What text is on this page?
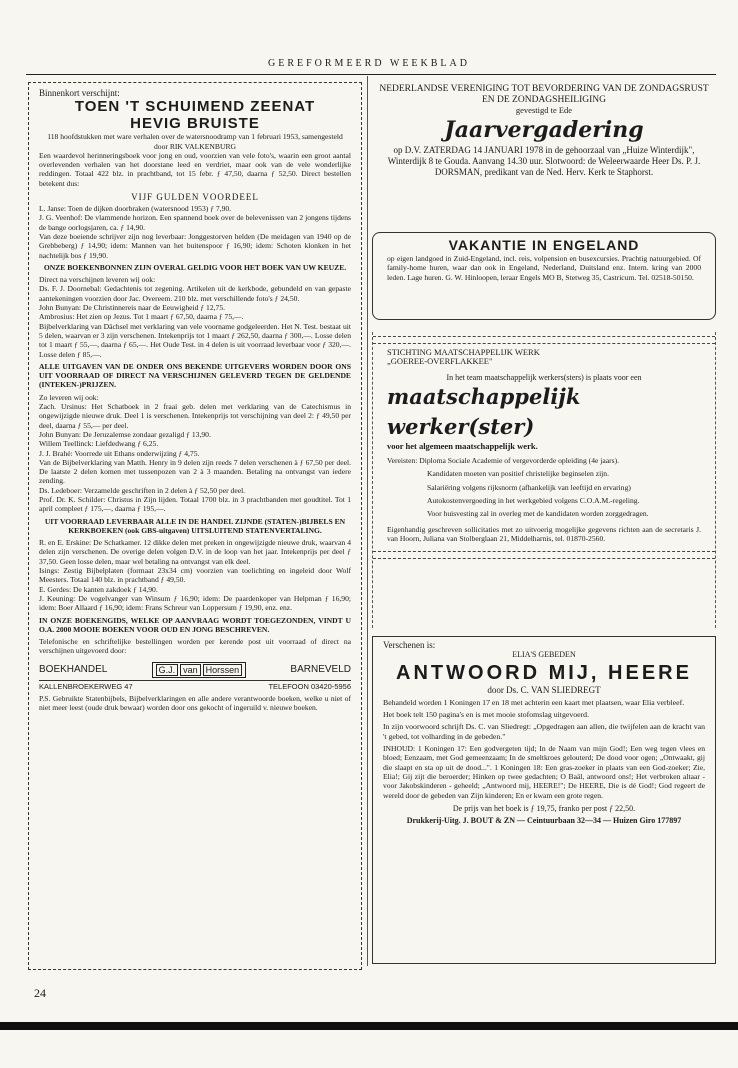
GEREFORMEERD WEEKBLAD

Binnenkort verschijnt:

TOEN 'T SCHUIMEND ZEENAT
HEVIG BRUISTE

118 hoofdstukken met ware verhalen over de watersnoodramp van 1 februari 1953, samengesteld door RIK VALKENBURG

Een waardevol herinneringsboek voor jong en oud, voorzien van vele foto's, waarin een groot aantal overlevenden verhalen van het doorstane leed en verdriet, maar ook van de vele wonderlijke reddingen. Totaal 422 blz. in prachtband, tot 15 febr. ƒ 47,50, daarna ƒ 52,50. Direct bestellen betekent dus:

VIJF GULDEN VOORDEEL

L. Janse: Toen de dijken doorbraken (watersnood 1953) ƒ 7,90.
J. G. Veenhof: De vlammende horizon. Een spannend boek over de belevenissen van 2 jongens tijdens de bange oorlogsjaren, ca. ƒ 14,90.
Van deze boeiende schrijver zijn nog leverbaar: Jonggestorven helden (De meidagen van 1940 op de Grebbeberg) ƒ 14,90; idem: Mannen van het buitenspoor ƒ 16,90; idem: Schoten klonken in het nachtelijk bos ƒ 19,90.

ONZE BOEKENBONNEN ZIJN OVERAL GELDIG VOOR HET BOEK VAN UW KEUZE.

Direct na verschijnen leveren wij ook:

Ds. F. J. Doornebal: Gedachtenis tot zegening. Artikelen uit de kerkbode, gebundeld en van gepaste aantekeningen voorzien door Jac. Overeem. 210 blz. met verschillende foto's ƒ 24,50.
John Bunyan: De Christinnereis naar de Eeuwigheid ƒ 12,75.
Ambrosius: Het zien op Jezus. Tot 1 maart ƒ 67,50, daarna ƒ 75,—.
Bijbelverklaring van Dächsel met verklaring van vele voorname godgeleerden. Het N. Test. bestaat uit 5 delen, waarvan er 3 zijn verschenen. Intekenprijs tot 1 maart ƒ 262,50, daarna ƒ 300,—. Losse delen tot 1 maart ƒ 55,—, daarna ƒ 65,—. Het Oude Test. in 4 delen is uit voorraad leverbaar voor ƒ 320,—. Losse delen ƒ 85,—.

ALLE UITGAVEN VAN DE ONDER ONS BEKENDE UITGEVERS WORDEN DOOR ONS UIT VOORRAAD OF DIRECT NA VERSCHIJNEN GELEVERD TEGEN DE GELDENDE (INTEKEN-)PRIJZEN.

Zo leveren wij ook:

Zach. Ursinus: Het Schatboek in 2 fraai geb. delen met verklaring van de Catechismus in ongewijzigde nieuwe druk. Deel 1 is verschenen. Intekenprijs tot verschijning van deel 2: ƒ 49,50 per deel, daarna ƒ 55,— per deel.
John Bunyan: De Jeruzalemse zondaar gezaligd ƒ 13,90.
Willem Teellinck: Liefdedwang ƒ 6,25.
J. J. Brahé: Voorrede uit Ethans onderwijzing ƒ 4,75.
Van de Bijbelverklaring van Matth. Henry in 9 delen zijn reeds 7 delen verschenen à ƒ 67,50 per deel. De laatste 2 delen komen met tussenpozen van 2 à 3 maanden. Betaling na ontvangst van iedere zending.
Ds. Ledeboer: Verzamelde geschriften in 2 delen à ƒ 52,50 per deel.
Prof. Dr. K. Schilder: Christus in Zijn lijden. Totaal 1700 blz. in 3 prachtbanden met goudtitel. Tot 1 april compleet ƒ 175,—, daarna ƒ 195,—.

UIT VOORRAAD LEVERBAAR ALLE IN DE HANDEL ZIJNDE (STATEN-)BIJBELS EN KERKBOEKEN (ook GBS-uitgaven) UITSLUITEND STATENVERTALING.

R. en E. Erskine: De Schatkamer. 12 dikke delen met preken in ongewijzigde nieuwe druk, waarvan 4 delen zijn verschenen. De overige delen volgen D.V. in de loop van het jaar. Intekenprijs per deel ƒ 37,50. Geen losse delen, maar wel betaling na ontvangst van elk deel.
Isings: Zestig Bijbelplaten (formaat 23x34 cm) voorzien van toelichting en ingeleid door Wolf Meesters. Totaal 140 blz. in prachtband ƒ 49,50.
E. Gerdes: De kanten zakdoek ƒ 14,90.
J. Keuning: De vogelvanger van Winsum ƒ 16,90; idem: De paardenkoper van Helpman ƒ 16,90; idem: Boer Allaard ƒ 16,90; idem: Frans Schreur van Loppersum ƒ 19,90, enz. enz.

IN ONZE BOEKENGIDS, WELKE OP AANVRAAG WORDT TOEGEZONDEN, VINDT U O.A. 2000 MOOIE BOEKEN VOOR OUD EN JONG BESCHREVEN.

Telefonische en schriftelijke bestellingen worden per kerende post uit voorraad of direct na verschijnen uitgevoerd door:

BOEKHANDEL	G.J. van Horssen	BARNEVELD
KALLENBROEKERWEG 47	TELEFOON 03420-5956

P.S. Gebruikte Statenbijbels, Bijbelverklaringen en alle andere verantwoorde boeken, welke u niet of niet meer leest (oude druk bewaar) worden door ons gekocht of ingeruild v. nieuwe boeken.

NEDERLANDSE VERENIGING TOT BEVORDERING VAN DE ZONDAGSRUST EN DE ZONDAGSHEILIGING

gevestigd te Ede

Jaarvergadering

op D.V. ZATERDAG 14 JANUARI 1978 in de gehoorzaal van „Huize Winterdijk", Winterdijk 8 te Gouda. Aanvang 14.30 uur. Slotwoord: de Weleerwaarde Heer Ds. P. J. DORSMAN, predikant van de Ned. Herv. Kerk te Staphorst.

VAKANTIE IN ENGELAND

op eigen landgoed in Zuid-Engeland, incl. reis, volpension en busexcursies. Prachtig natuurgebied. Of family-home huren, waar dan ook in Engeland, Nederland, Duitsland enz. Intern. kring van 2000 leden. Lage huren. G. W. Hinloopen, leraar Engels MO B, Stetweg 35, Castricum. Tel. 02518-50150.

STICHTING MAATSCHAPPELIJK WERK

„GOEREE-OVERFLAKKEE"

In het team maatschappelijk werkers(sters) is plaats voor een

maatschappelijk werker(ster)

voor het algemeen maatschappelijk werk.

Vereisten: Diploma Sociale Academie of vergevorderde opleiding (4e jaars).

Kandidaten moeten van positief christelijke beginselen zijn.

Salariëring volgens rijksnorm (afhankelijk van leeftijd en ervaring)

Autokostenvergoeding in het werkgebied volgens C.O.A.M.-regeling.

Voor huisvesting zal in overleg met de kandidaten worden zorggedragen.

Eigenhandig geschreven sollicitaties met zo uitvoerig mogelijke gegevens richten aan de secretaris J. van Hoorn, Juliana van Stolberglaan 21, Middelharnis, tel. 01870-2560.

Verschenen is:

ELIA'S GEBEDEN

ANTWOORD MIJ, HEERE

door Ds. C. VAN SLIEDREGT

Behandeld worden 1 Koningen 17 en 18 met achterin een kaart met plaatsen, waar Elia verbleef.

Het boek telt 150 pagina's en is met mooie stofomslag uitgevoerd.

In zijn voorwoord schrijft Ds. C. van Sliedregt: „Opgedragen aan allen, die twijfelen aan de kracht van 't gebed, tot volharding in de gebeden."

INHOUD: 1 Koningen 17: Een godvergeten tijd; In de Naam van mijn God!; Een weg tegen vlees en bloed; Eenzaam, met God gemeenzaam; In de smeltkroes gelouterd; De dood voor ogen; „Ontwaakt, gij die slaapt en sta op uit de dood...". 1 Koningen 18: Een gras-zoeker in plaats van een God-zoeker; Zie, Elia!; Gij zijt die beroerder; Hinken op twee gedachten; O Baäl, antwoord ons!; Het verbroken altaar - voor Jakobskinderen - geheeld; „Antwoord mij, HEERE!"; De HEERE, Die is dé God!; God regeert de wereld door de gebeden van Zijn kinderen; En er kwam een grote regen.

De prijs van het boek is ƒ 19,75, franko per post ƒ 22,50.

Drukkerij-Uitg. J. BOUT & ZN — Ceintuurbaan 32—34 — Huizen Giro 177897

24
